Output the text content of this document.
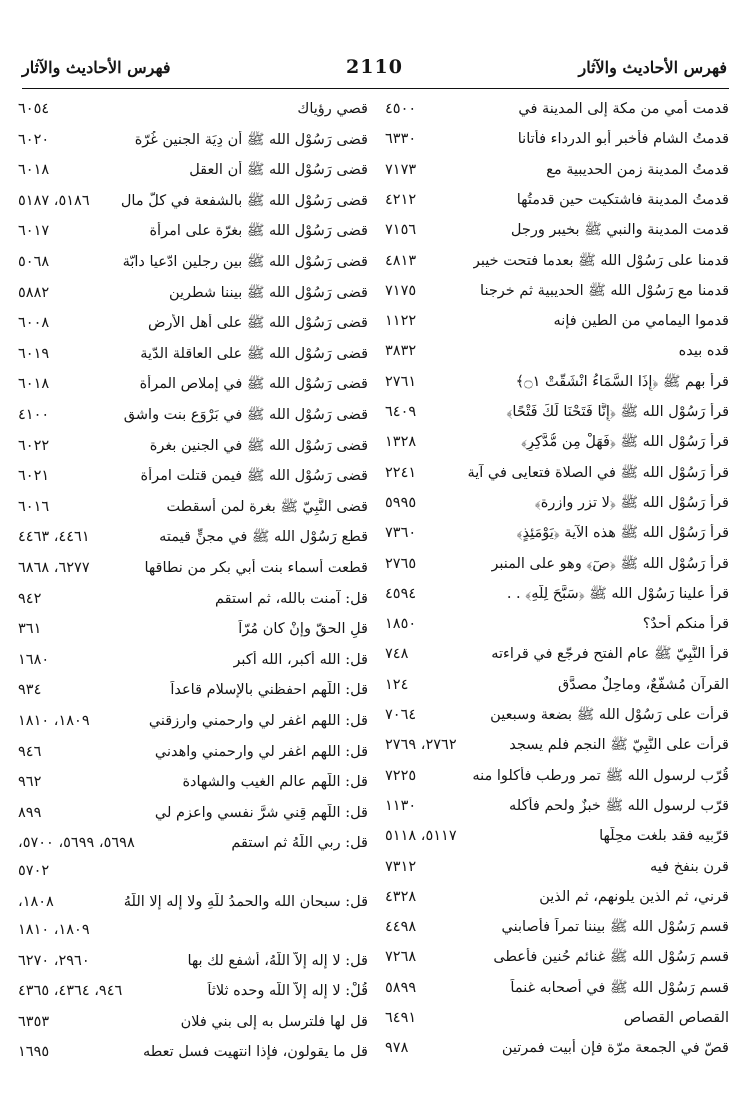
فهرس الأحاديث والآثار
2110
فهرس الأحاديث والآثار
قدمت أمي من مكة إلى المدينة في
٤٥٠٠
قدمتُ الشام فأُخبر أبو الدرداء فأتانا
٦٣٣٠
قدمتُ المدينة زمن الحديبية مع
٧١٧٣
قدمتُ المدينة فاشتكيت حين قدمتُها
٤٢١٢
قدمت المدينة والنبي ﷺ بخيبر ورجل
٧١٥٦
قدمنا على رَسُوْل الله ﷺ بعدما فتحت خيبر
٤٨١٣
قدمنا مع رَسُوْل الله ﷺ الحديبية ثم خرجنا
٧١٧٥
قدموا اليمامي من الطين فإنه
١١٢٢
قده بيده
٣٨٣٢
قرأ بهم ﷺ ﴿إِذَا السَّمَاءُ انْشَقَّتْ ۝١﴾
٢٧٦١
قرأ رَسُوْل الله ﷺ ﴿إِنَّا فَتَحْنَا لَكَ فَتْحًا﴾
٦٤٠٩
قرأ رَسُوْل الله ﷺ ﴿فَهَلْ مِن مُّدَّكِرٍ﴾
١٣٢٨
قرأ رَسُوْل الله ﷺ في الصلاة فتعايى في آية
٢٢٤١
قرأ رَسُوْل الله ﷺ ﴿لا تزر وازرة﴾
٥٩٩٥
قرأ رَسُوْل الله ﷺ هذه الآية ﴿يَوْمَئِذٍ﴾
٧٣٦٠
قرأ رَسُوْل الله ﷺ ﴿صٓ﴾ وهو على المنبر
٢٧٦٥
قرأ علينا رَسُوْل الله ﷺ ﴿سَبَّحَ لِلَّهِ﴾ . .
٤٥٩٤
قرأ منكم أحدٌ؟
١٨٥٠
قرأ النَّبِيّ ﷺ عام الفتح فرجّع في قراءته
٧٤٨
القرآن مُشفّعٌ، وماحِلٌ مصدَّق
١٢٤
قرأت على رَسُوْل الله ﷺ بضعة وسبعين
٧٠٦٤
قرأت على النَّبِيّ ﷺ النجم فلم يسجد
٢٧٦٢، ٢٧٦٩
قُرّب لرسول الله ﷺ تمر ورطب فأكلوا منه
٧٢٢٥
قرّب لرسول الله ﷺ خبزٌ ولحم فأكله
١١٣٠
قرّبيه فقد بلغت محِلَّها
٥١١٧، ٥١١٨
قرن بنفخ فيه
٧٣١٢
قرني، ثم الذين يلونهم، ثم الذين
٤٣٢٨
قسم رَسُوْل الله ﷺ بيننا تمراً فأصابني
٤٤٩٨
قسم رَسُوْل الله ﷺ غنائم حُنين فأعطى
٧٢٦٨
قسم رَسُوْل الله ﷺ في أصحابه غنماً
٥٨٩٩
القصاص القصاص
٦٤٩١
قصّ في الجمعة مرّة فإن أبيت فمرتين
٩٧٨
قصي رؤياك
٦٠٥٤
قضى رَسُوْل الله ﷺ أن دِيَة الجنين غُرّة
٦٠٢٠
قضى رَسُوْل الله ﷺ أن العقل
٦٠١٨
قضى رَسُوْل الله ﷺ بالشفعة في كلّ مال
٥١٨٦، ٥١٨٧
قضى رَسُوْل الله ﷺ بغرّة على امرأة
٦٠١٧
قضى رَسُوْل الله ﷺ بين رجلين ادّعيا دابّة
٥٠٦٨
قضى رَسُوْل الله ﷺ بيننا شطرين
٥٨٨٢
قضى رَسُوْل الله ﷺ على أهل الأرض
٦٠٠٨
قضى رَسُوْل الله ﷺ على العاقلة الدّية
٦٠١٩
قضى رَسُوْل الله ﷺ في إملاص المرأة
٦٠١٨
قضى رَسُوْل الله ﷺ في بَرْوَع بنت واشق
٤١٠٠
قضى رَسُوْل الله ﷺ في الجنين بغرة
٦٠٢٢
قضى رَسُوْل الله ﷺ فيمن قتلت امرأة
٦٠٢١
قضى النَّبِيّ ﷺ بغرة لمن أسقطت
٦٠١٦
قطع رَسُوْل الله ﷺ في مجنٍّ قيمته
٤٤٦١، ٤٤٦٣
قطعت أسماء بنت أبي بكر من نطاقها
٦٢٧٧، ٦٨٦٨
قل: آمنت بالله، ثم استقم
٩٤٢
قلِ الحقّ وإنْ كان مُرّاً
٣٦١
قل: الله أكبر، الله أكبر
١٦٨٠
قل: اللّهم احفظني بالإسلام قاعداً
٩٣٤
قل: اللهم اغفر لي وارحمني وارزقني
١٨٠٩، ١٨١٠
قل: اللهم اغفر لي وارحمني واهدني
٩٤٦
قل: اللّهم عالم الغيب والشهادة
٩٦٢
قل: اللّهم قِني شرَّ نفسي واعزم لي
٨٩٩
قل: ربي اللّهُ ثم استقم
٥٦٩٨، ٥٦٩٩، ٥٧٠٠،
٥٧٠٢
قل: سبحان الله والحمدُ للّهِ ولا إله إلا اللّهُ
١٨٠٨،
١٨٠٩، ١٨١٠
قل: لا إله إلاّ اللّهُ، أشفع لك بها
٢٩٦٠، ٦٢٧٠
قُلْ: لا إله إلاّ اللّه وحده ثلاثاً
٩٤٦، ٤٣٦٤، ٤٣٦٥
قل لها فلترسل به إلى بني فلان
٦٣٥٣
قل ما يقولون، فإذا انتهيت فسل تعطه
١٦٩٥
